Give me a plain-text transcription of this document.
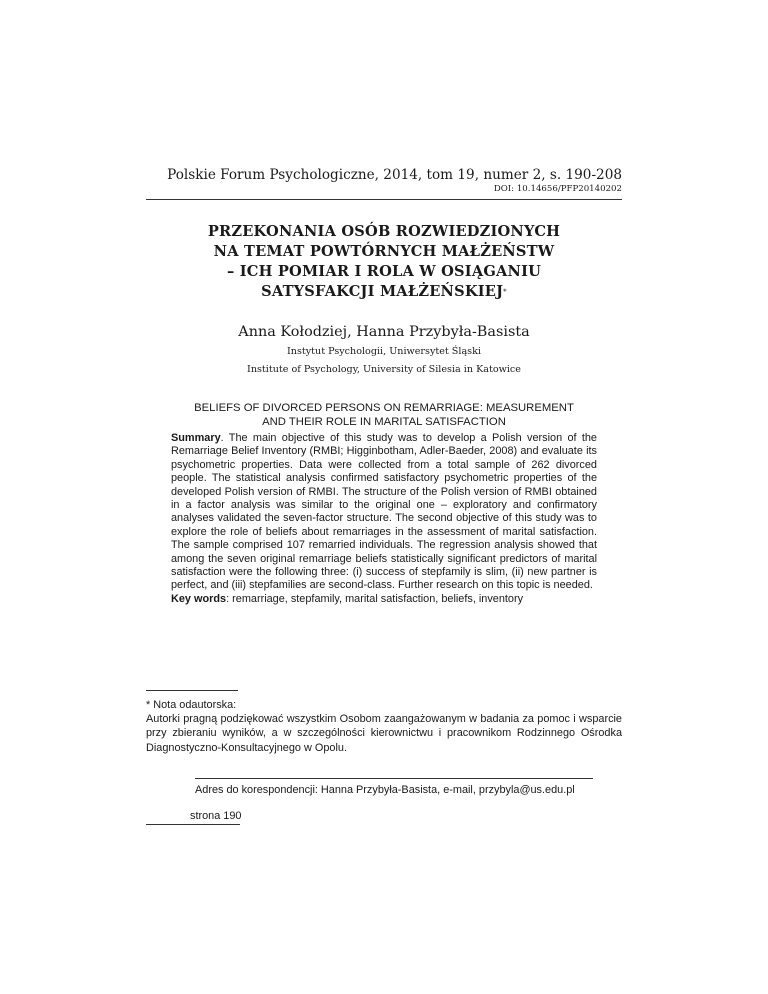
Polskie Forum Psychologiczne, 2014, tom 19, numer 2, s. 190-208
DOI: 10.14656/PFP20140202
PRZEKONANIA OSÓB ROZWIEDZIONYCH
NA TEMAT POWTÓRNYCH MAŁŻEŃSTW
– ICH POMIAR I ROLA W OSIĄGANIU
SATYSFAKCJI MAŁŻEŃSKIEJ*
Anna Kołodziej, Hanna Przybyła-Basista
Instytut Psychologii, Uniwersytet Śląski
Institute of Psychology, University of Silesia in Katowice
BELIEFS OF DIVORCED PERSONS ON REMARRIAGE: MEASUREMENT
AND THEIR ROLE IN MARITAL SATISFACTION
Summary. The main objective of this study was to develop a Polish version of the Remarriage Belief Inventory (RMBI; Higginbotham, Adler-Baeder, 2008) and evaluate its psychometric properties. Data were collected from a total sample of 262 divorced people. The statistical analysis confirmed satisfactory psychometric properties of the developed Polish version of RMBI. The structure of the Polish version of RMBI obtained in a factor analysis was similar to the original one – exploratory and confirmatory analyses validated the seven-factor structure. The second objective of this study was to explore the role of beliefs about remarriages in the assessment of marital satisfaction. The sample comprised 107 remarried individuals. The regression analysis showed that among the seven original remarriage beliefs statistically significant predictors of marital satisfaction were the following three: (i) success of stepfamily is slim, (ii) new partner is perfect, and (iii) stepfamilies are second-class. Further research on this topic is needed.
Key words: remarriage, stepfamily, marital satisfaction, beliefs, inventory
* Nota odautorska:
Autorki pragną podziękować wszystkim Osobom zaangażowanym w badania za pomoc i wsparcie przy zbieraniu wyników, a w szczególności kierownictwu i pracownikom Rodzinnego Ośrodka Diagnostyczno-Konsultacyjnego w Opolu.
Adres do korespondencji: Hanna Przybyła-Basista, e-mail, przybyla@us.edu.pl
strona 190
